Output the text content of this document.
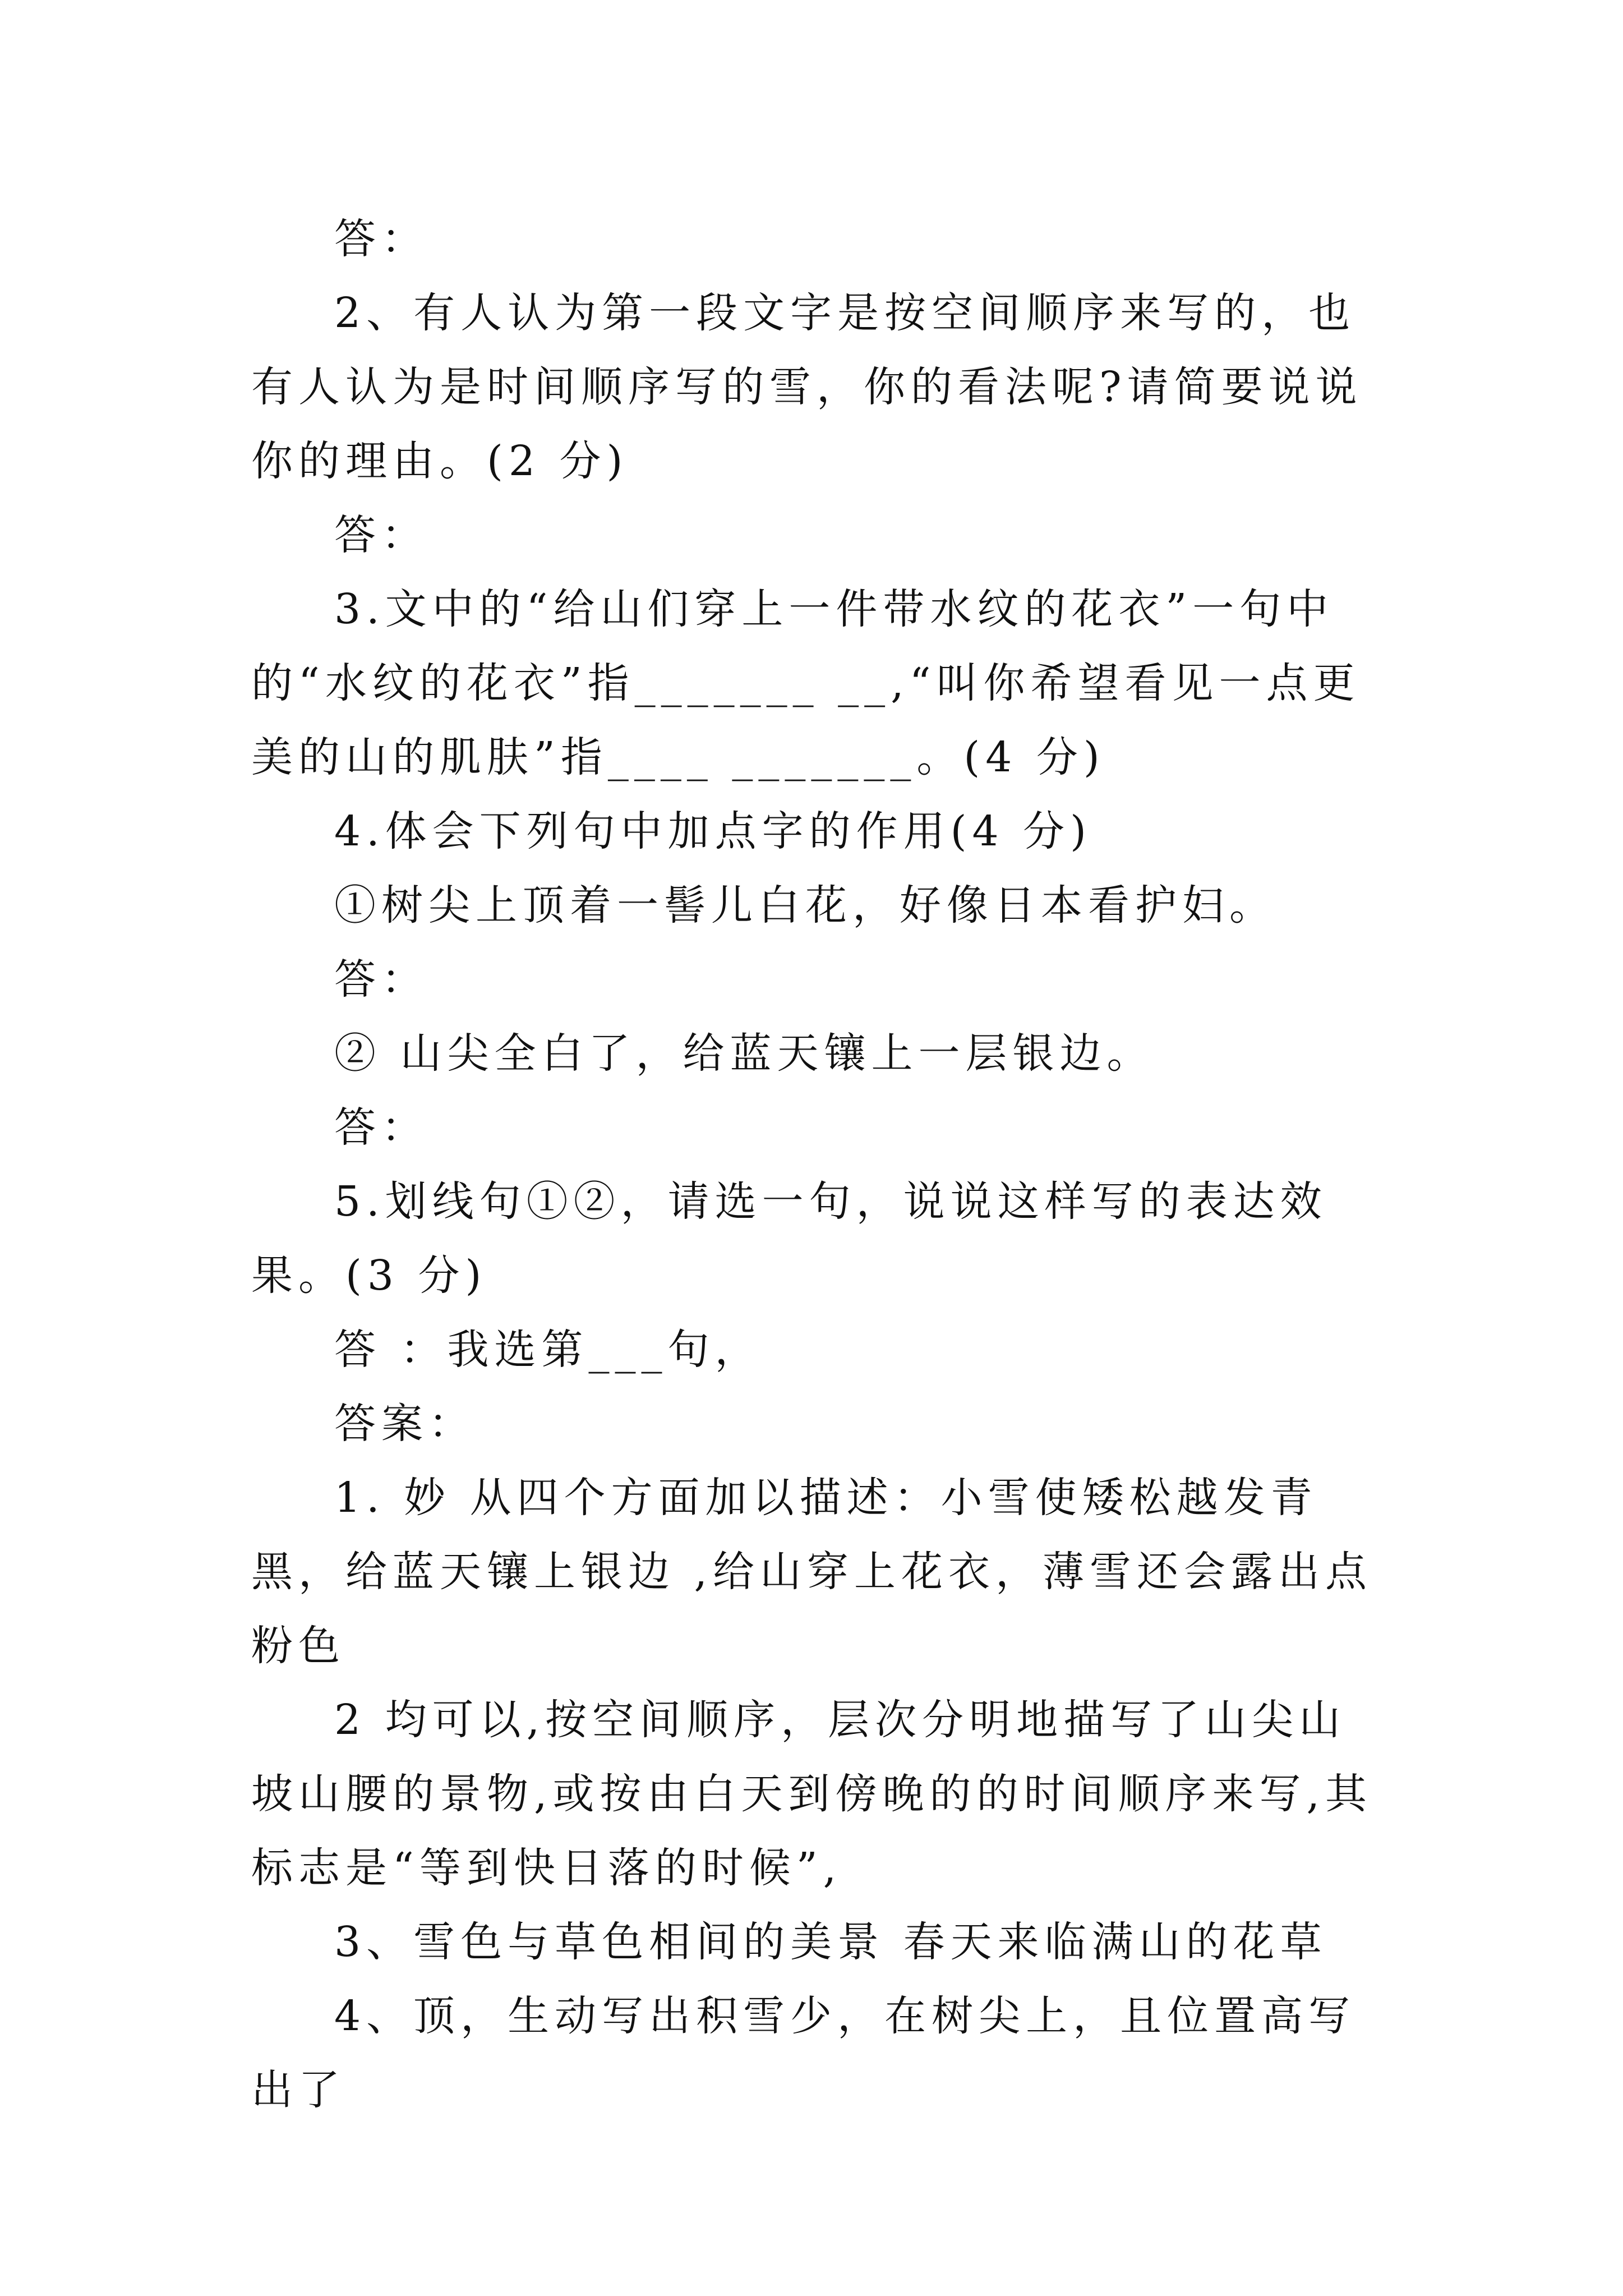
答：

2、有人认为第一段文字是按空间顺序来写的，也有人认为是时间顺序写的雪，你的看法呢?请简要说说你的理由。(2 分)

答：

3.文中的“给山们穿上一件带水纹的花衣”一句中的“水纹的花衣”指_______ __,“叫你希望看见一点更美的山的肌肤”指____ _______。(4 分)

4.体会下列句中加点字的作用(4 分)

①树尖上顶着一髻儿白花，好像日本看护妇。

答：

② 山尖全白了，给蓝天镶上一层银边。

答：

5.划线句①②，请选一句，说说这样写的表达效果。(3 分)

答 ：我选第___句，

答案：

1. 妙 从四个方面加以描述：小雪使矮松越发青黑，给蓝天镶上银边 ,给山穿上花衣，薄雪还会露出点粉色

2 均可以,按空间顺序，层次分明地描写了山尖山坡山腰的景物,或按由白天到傍晚的的时间顺序来写,其标志是“等到快日落的时候”,

3、雪色与草色相间的美景 春天来临满山的花草

4、顶，生动写出积雪少，在树尖上，且位置高写出了
